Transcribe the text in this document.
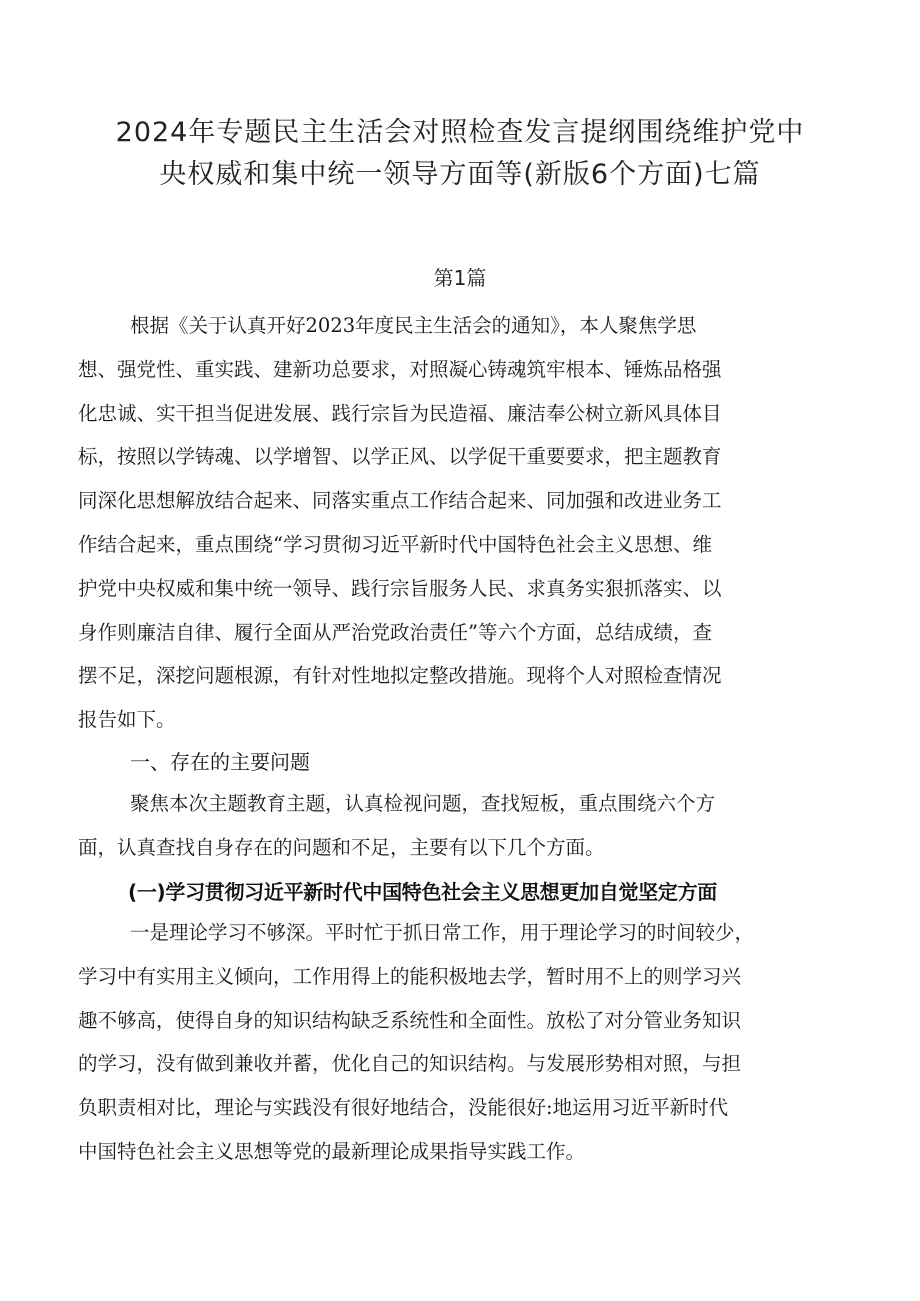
2024年专题民主生活会对照检查发言提纲围绕维护党中
央权威和集中统一领导方面等(新版6个方面)七篇
第1篇
根据《关于认真开好2023年度民主生活会的通知》，本人聚焦学思
想、强党性、重实践、建新功总要求，对照凝心铸魂筑牢根本、锤炼品格强
化忠诚、实干担当促进发展、践行宗旨为民造福、廉洁奉公树立新风具体目
标，按照以学铸魂、以学增智、以学正风、以学促干重要要求，把主题教育
同深化思想解放结合起来、同落实重点工作结合起来、同加强和改进业务工
作结合起来，重点围绕“学习贯彻习近平新时代中国特色社会主义思想、维
护党中央权威和集中统一领导、践行宗旨服务人民、求真务实狠抓落实、以
身作则廉洁自律、履行全面从严治党政治责任”等六个方面，总结成绩，查
摆不足，深挖问题根源，有针对性地拟定整改措施。现将个人对照检查情况
报告如下。
一、存在的主要问题
聚焦本次主题教育主题，认真检视问题，查找短板，重点围绕六个方
面，认真查找自身存在的问题和不足，主要有以下几个方面。
(一)学习贯彻习近平新时代中国特色社会主义思想更加自觉坚定方面
一是理论学习不够深。平时忙于抓日常工作，用于理论学习的时间较少，
学习中有实用主义倾向，工作用得上的能积极地去学，暂时用不上的则学习兴
趣不够高，使得自身的知识结构缺乏系统性和全面性。放松了对分管业务知识
的学习，没有做到兼收并蓄，优化自己的知识结构。与发展形势相对照，与担
负职责相对比，理论与实践没有很好地结合，没能很好:地运用习近平新时代
中国特色社会主义思想等党的最新理论成果指导实践工作。
